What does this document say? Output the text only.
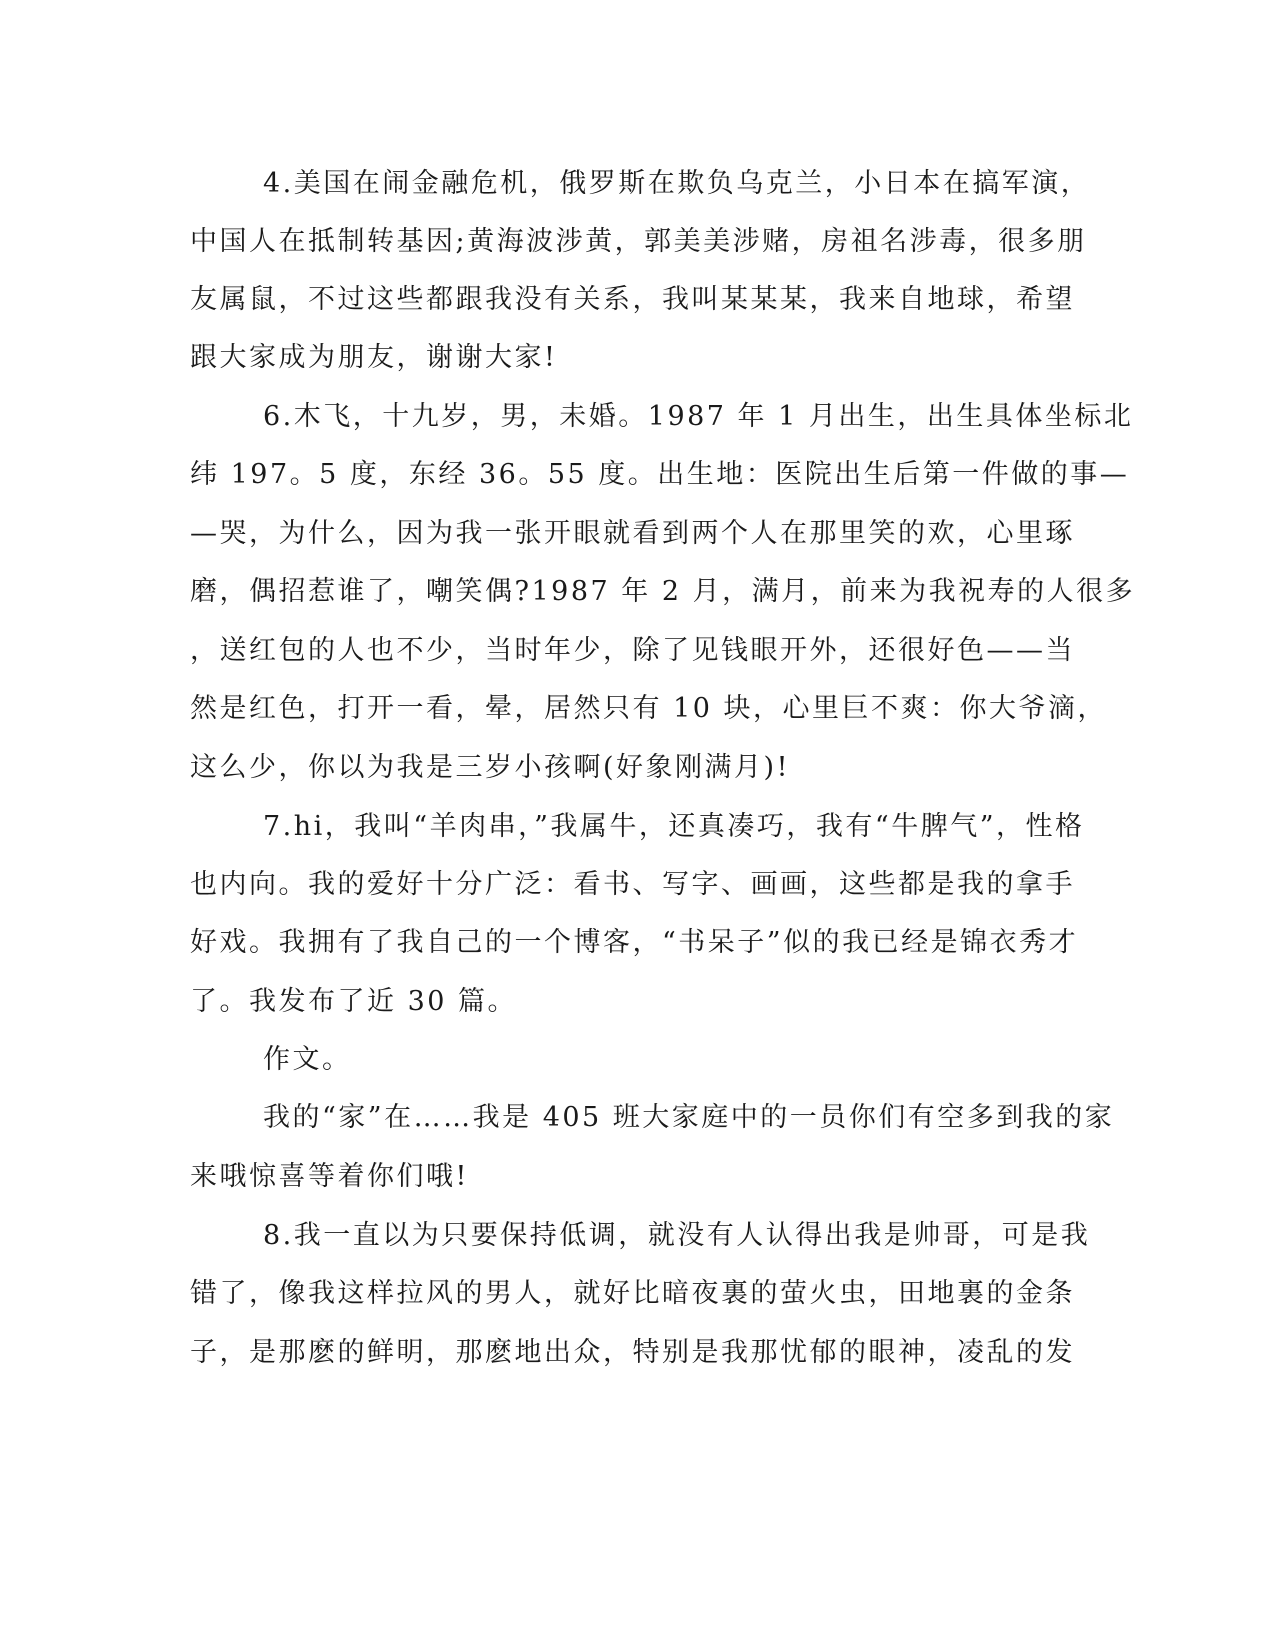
4.美国在闹金融危机，俄罗斯在欺负乌克兰，小日本在搞军演，
中国人在抵制转基因;黄海波涉黄，郭美美涉赌，房祖名涉毒，很多朋
友属鼠，不过这些都跟我没有关系，我叫某某某，我来自地球，希望
跟大家成为朋友，谢谢大家!
6.木飞，十九岁，男，未婚。1987 年 1 月出生，出生具体坐标北
纬 197。5 度，东经 36。55 度。出生地：医院出生后第一件做的事—
—哭，为什么，因为我一张开眼就看到两个人在那里笑的欢，心里琢
磨，偶招惹谁了，嘲笑偶?1987 年 2 月，满月，前来为我祝寿的人很多
，送红包的人也不少，当时年少，除了见钱眼开外，还很好色——当
然是红色，打开一看，晕，居然只有 10 块，心里巨不爽：你大爷滴，
这么少，你以为我是三岁小孩啊(好象刚满月)!
7.hi，我叫“羊肉串，”我属牛，还真凑巧，我有“牛脾气”，性格
也内向。我的爱好十分广泛：看书、写字、画画，这些都是我的拿手
好戏。我拥有了我自己的一个博客，“书呆子”似的我已经是锦衣秀才
了。我发布了近 30 篇。
作文。
我的“家”在……我是 405 班大家庭中的一员你们有空多到我的家
来哦惊喜等着你们哦!
8.我一直以为只要保持低调，就没有人认得出我是帅哥，可是我
错了，像我这样拉风的男人，就好比暗夜裏的萤火虫，田地裏的金条
子，是那麽的鲜明，那麽地出众，特别是我那忧郁的眼神，凌乱的发
